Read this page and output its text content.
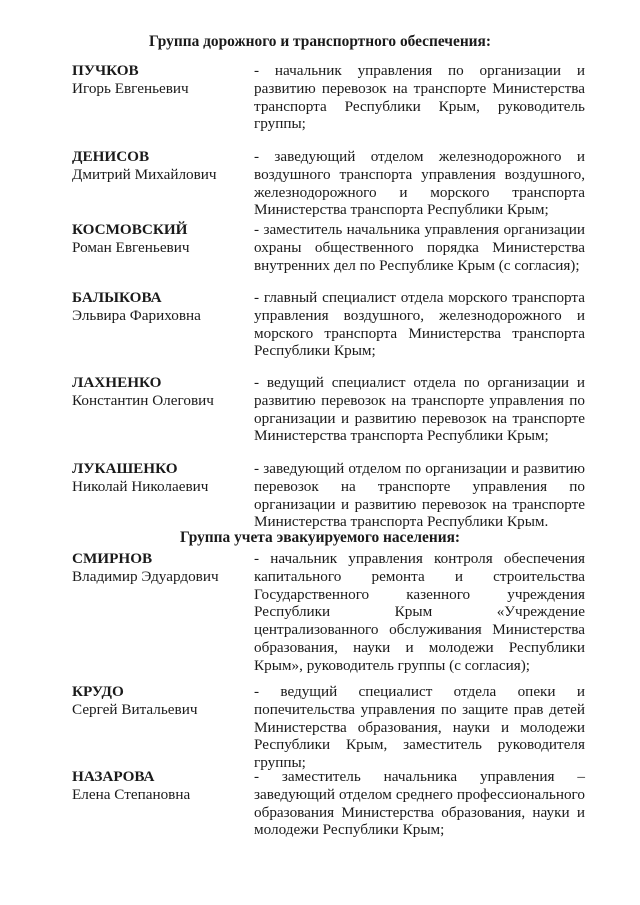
Группа дорожного и транспортного обеспечения:
ПУЧКОВ
Игорь Евгеньевич
- начальник управления по организации и развитию перевозок на транспорте Министерства транспорта Республики Крым, руководитель группы;
ДЕНИСОВ
Дмитрий Михайлович
- заведующий отделом железнодорожного и воздушного транспорта управления воздушного, железнодорожного и морского транспорта Министерства транспорта Республики Крым;
КОСМОВСКИЙ
Роман Евгеньевич
- заместитель начальника управления организации охраны общественного порядка Министерства внутренних дел по Республике Крым (с согласия);
БАЛЫКОВА
Эльвира Фариховна
- главный специалист отдела морского транспорта управления воздушного, железнодорожного и морского транспорта Министерства транспорта Республики Крым;
ЛАХНЕНКО
Константин Олегович
- ведущий специалист отдела по организации и развитию перевозок на транспорте управления по организации и развитию перевозок на транспорте Министерства транспорта Республики Крым;
ЛУКАШЕНКО
Николай Николаевич
- заведующий отделом по организации и развитию перевозок на транспорте управления по организации и развитию перевозок на транспорте Министерства транспорта Республики Крым.
Группа учета эвакуируемого населения:
СМИРНОВ
Владимир Эдуардович
- начальник управления контроля обеспечения капитального ремонта и строительства Государственного казенного учреждения Республики Крым «Учреждение централизованного обслуживания Министерства образования, науки и молодежи Республики Крым», руководитель группы (с согласия);
КРУДО
Сергей Витальевич
- ведущий специалист отдела опеки и попечительства управления по защите прав детей Министерства образования, науки и молодежи Республики Крым, заместитель руководителя группы;
НАЗАРОВА
Елена Степановна
- заместитель начальника управления – заведующий отделом среднего профессионального образования Министерства образования, науки и молодежи Республики Крым;
